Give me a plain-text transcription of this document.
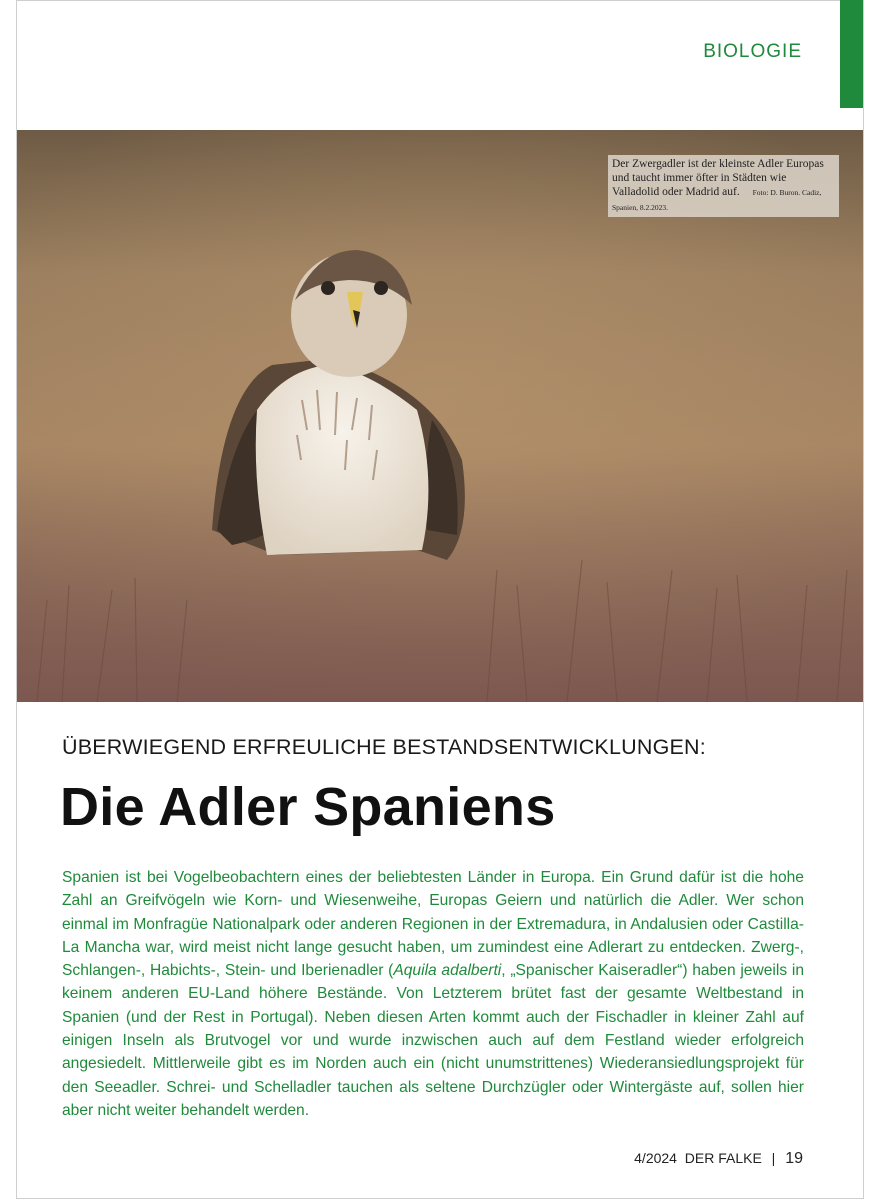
BIOLOGIE
Der Zwergadler ist der kleinste Adler Europas und taucht immer öfter in Städten wie Valladolid oder Madrid auf. Foto: D. Buron. Cadiz, Spanien, 8.2.2023.
ÜBERWIEGEND ERFREULICHE BESTANDSENTWICKLUNGEN:
Die Adler Spaniens
Spanien ist bei Vogelbeobachtern eines der beliebtesten Länder in Europa. Ein Grund dafür ist die hohe Zahl an Greifvögeln wie Korn- und Wiesenweihe, Europas Geiern und natürlich die Adler. Wer schon einmal im Monfragüe Nationalpark oder anderen Regionen in der Extremadura, in Andalusien oder Castilla-La Mancha war, wird meist nicht lange gesucht haben, um zumindest eine Adlerart zu entdecken. Zwerg-, Schlangen-, Habichts-, Stein- und Iberienadler (Aquila adalberti, „Spanischer Kaiseradler“) haben jeweils in keinem anderen EU-Land höhere Bestände. Von Letzterem brütet fast der gesamte Weltbestand in Spanien (und der Rest in Portugal). Neben diesen Arten kommt auch der Fischadler in kleiner Zahl auf einigen Inseln als Brutvogel vor und wurde inzwischen auch auf dem Festland wieder erfolgreich angesiedelt. Mittlerweile gibt es im Norden auch ein (nicht unumstrittenes) Wiederansiedlungsprojekt für den Seeadler. Schrei- und Schelladler tauchen als seltene Durchzügler oder Wintergäste auf, sollen hier aber nicht weiter behandelt werden.
4/2024 DER FALKE | 19
